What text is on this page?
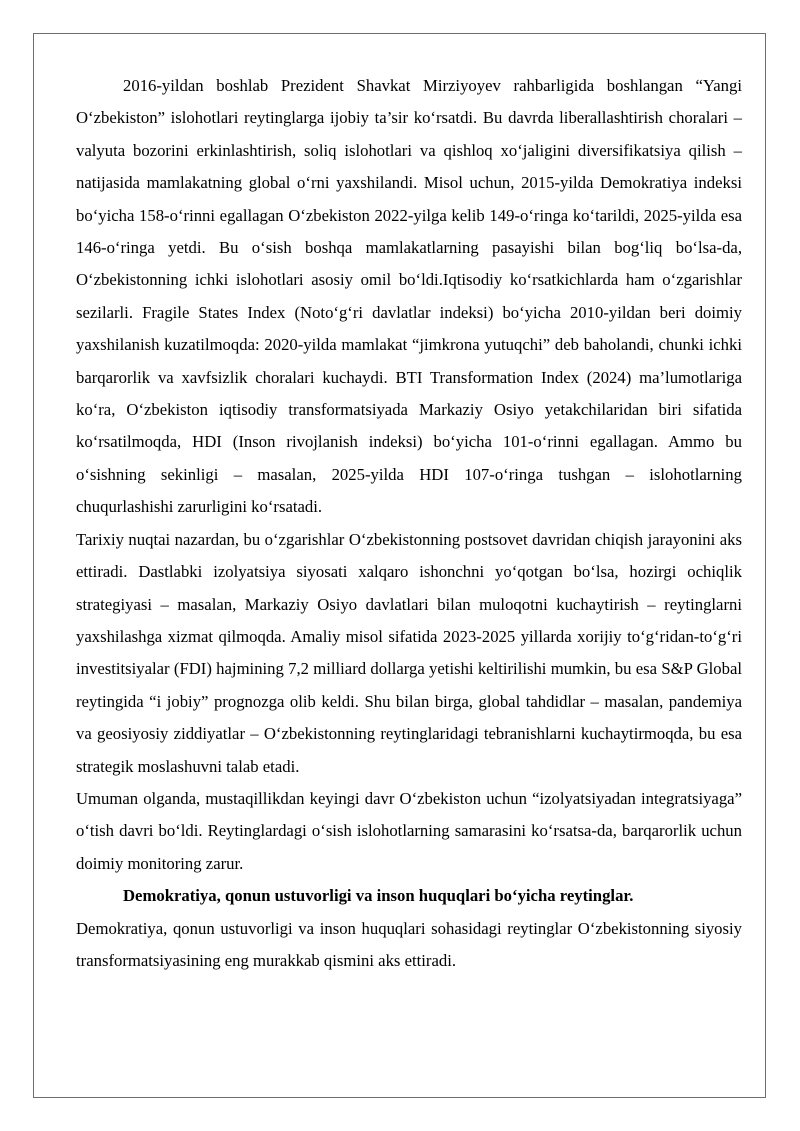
2016-yildan boshlab Prezident Shavkat Mirziyoyev rahbarligida boshlangan “Yangi O‘zbekiston” islohotlari reytinglarga ijobiy ta’sir ko‘rsatdi. Bu davrda liberallashtirish choralari – valyuta bozorini erkinlashtirish, soliq islohotlari va qishloq xo‘jaligini diversifikatsiya qilish – natijasida mamlakatning global o‘rni yaxshilandi. Misol uchun, 2015-yilda Demokratiya indeksi bo‘yicha 158-o‘rinni egallagan O‘zbekiston 2022-yilga kelib 149-o‘ringa ko‘tarildi, 2025-yilda esa 146-o‘ringa yetdi. Bu o‘sish boshqa mamlakatlarning pasayishi bilan bog‘liq bo‘lsa-da, O‘zbekistonning ichki islohotlari asosiy omil bo‘ldi.Iqtisodiy ko‘rsatkichlarda ham o‘zgarishlar sezilarli. Fragile States Index (Noto‘g‘ri davlatlar indeksi) bo‘yicha 2010-yildan beri doimiy yaxshilanish kuzatilmoqda: 2020-yilda mamlakat “jimkrona yutuqchi” deb baholandi, chunki ichki barqarorlik va xavfsizlik choralari kuchaydi. BTI Transformation Index (2024) ma’lumotlariga ko‘ra, O‘zbekiston iqtisodiy transformatsiyada Markaziy Osiyo yetakchilaridan biri sifatida ko‘rsatilmoqda, HDI (Inson rivojlanish indeksi) bo‘yicha 101-o‘rinni egallagan. Ammo bu o‘sishning sekinligi – masalan, 2025-yilda HDI 107-o‘ringa tushgan – islohotlarning chuqurlashishi zarurligini ko‘rsatadi.

Tarixiy nuqtai nazardan, bu o‘zgarishlar O‘zbekistonning postsovet davridan chiqish jarayonini aks ettiradi. Dastlabki izolyatsiya siyosati xalqaro ishonchni yo‘qotgan bo‘lsa, hozirgi ochiqlik strategiyasi – masalan, Markaziy Osiyo davlatlari bilan muloqotni kuchaytirish – reytinglarni yaxshilashga xizmat qilmoqda. Amaliy misol sifatida 2023-2025 yillarda xorijiy to‘g‘ridan-to‘g‘ri investitsiyalar (FDI) hajmining 7,2 milliard dollarga yetishi keltirilishi mumkin, bu esa S&P Global reytingida “i jobiy” prognozga olib keldi. Shu bilan birga, global tahdidlar – masalan, pandemiya va geosiyosiy ziddiyatlar – O‘zbekistonning reytinglaridagi tebranishlarni kuchaytirmoqda, bu esa strategik moslashuvni talab etadi.

Umuman olganda, mustaqillikdan keyingi davr O‘zbekiston uchun “izolyatsiyadan integratsiyaga” o‘tish davri bo‘ldi. Reytinglardagi o‘sish islohotlarning samarasini ko‘rsatsa-da, barqarorlik uchun doimiy monitoring zarur.

Demokratiya, qonun ustuvorligi va inson huquqlari bo‘yicha reytinglar.

Demokratiya, qonun ustuvorligi va inson huquqlari sohasidagi reytinglar O‘zbekistonning siyosiy transformatsiyasining eng murakkab qismini aks ettiradi.
